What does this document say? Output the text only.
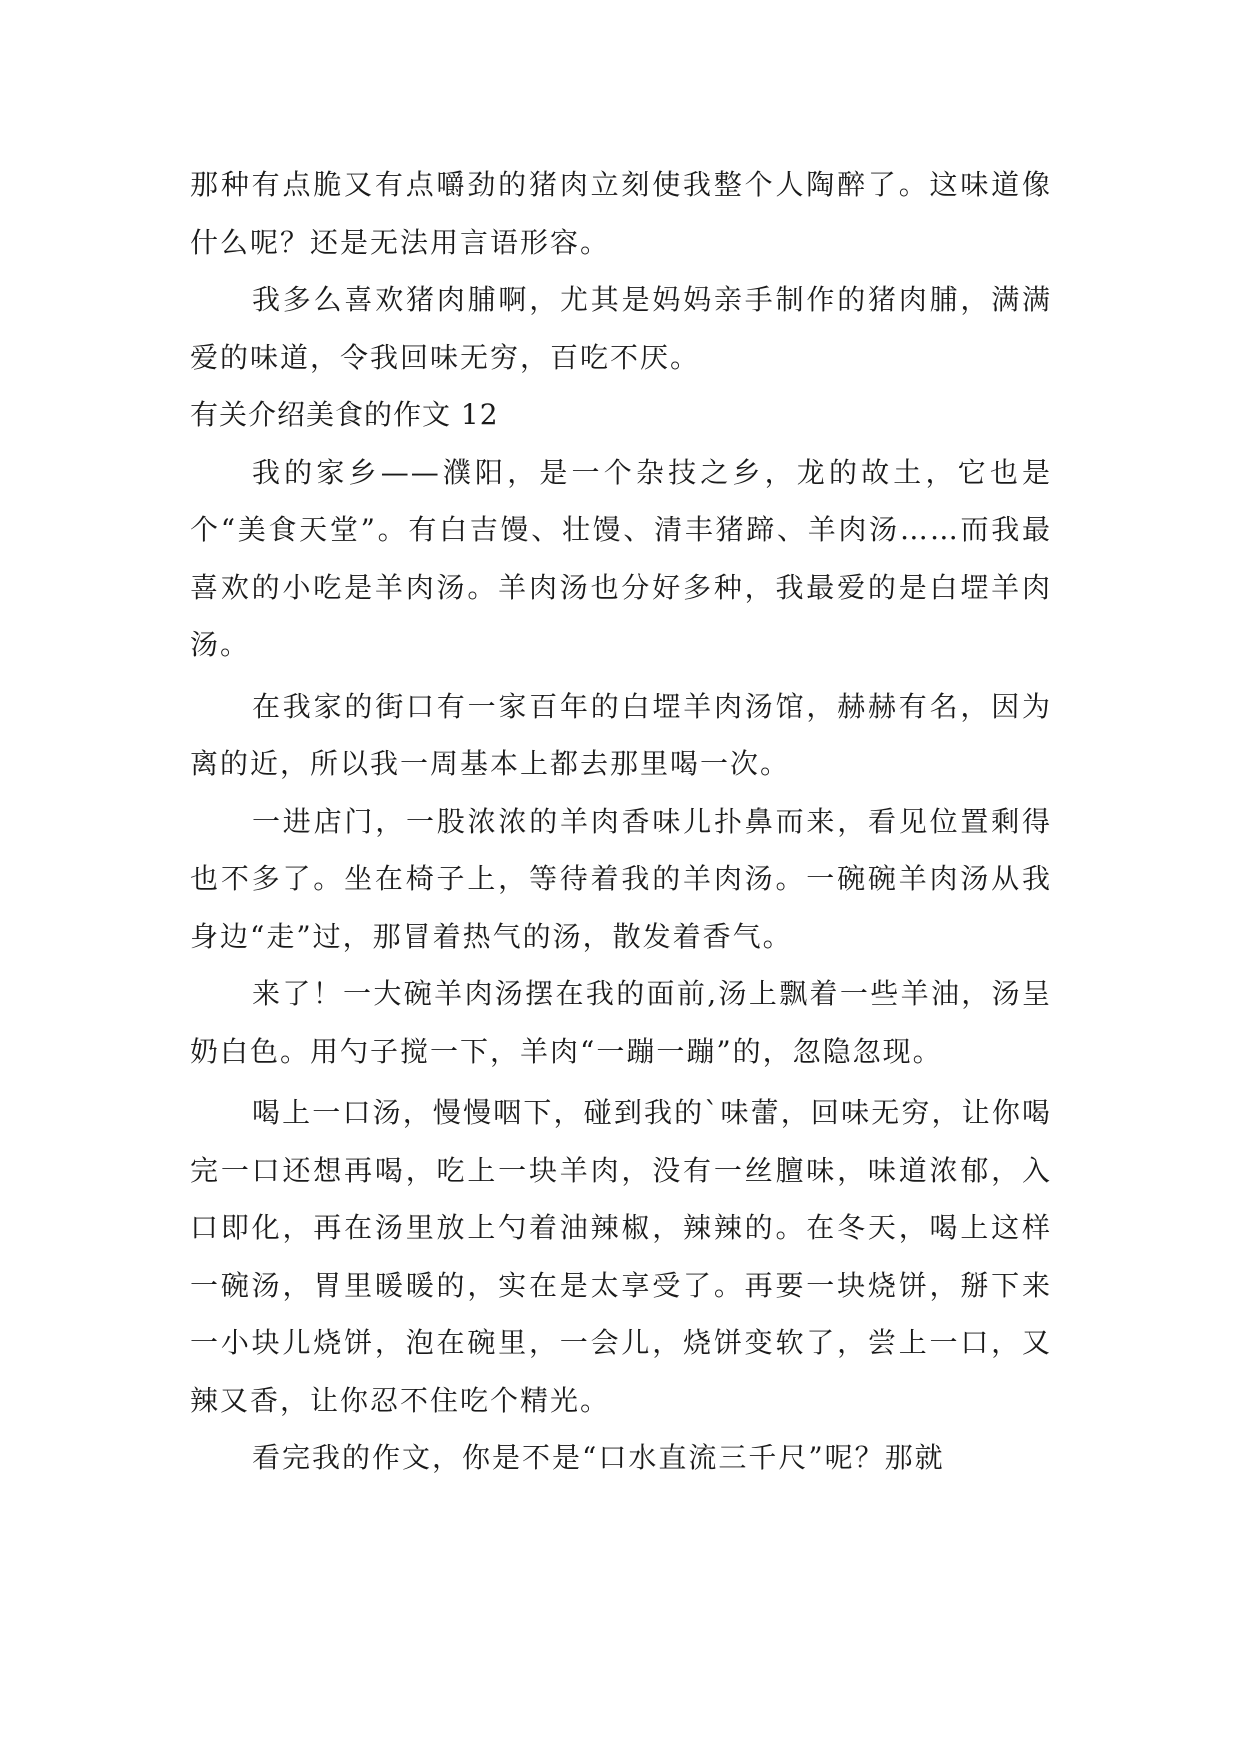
那种有点脆又有点嚼劲的猪肉立刻使我整个人陶醉了。这味道像什么呢？还是无法用言语形容。

我多么喜欢猪肉脯啊，尤其是妈妈亲手制作的猪肉脯，满满爱的味道，令我回味无穷，百吃不厌。

有关介绍美食的作文 12

我的家乡——濮阳，是一个杂技之乡，龙的故土，它也是个“美食天堂”。有白吉馒、壮馒、清丰猪蹄、羊肉汤……而我最喜欢的小吃是羊肉汤。羊肉汤也分好多种，我最爱的是白堽羊肉汤。

在我家的街口有一家百年的白堽羊肉汤馆，赫赫有名，因为离的近，所以我一周基本上都去那里喝一次。

一进店门，一股浓浓的羊肉香味儿扑鼻而来，看见位置剩得也不多了。坐在椅子上，等待着我的羊肉汤。一碗碗羊肉汤从我身边“走”过，那冒着热气的汤，散发着香气。

来了！一大碗羊肉汤摆在我的面前,汤上飘着一些羊油，汤呈奶白色。用勺子搅一下，羊肉“一蹦一蹦”的，忽隐忽现。

喝上一口汤，慢慢咽下，碰到我的`味蕾，回味无穷，让你喝完一口还想再喝，吃上一块羊肉，没有一丝膻味，味道浓郁，入口即化，再在汤里放上勺着油辣椒，辣辣的。在冬天，喝上这样一碗汤，胃里暖暖的，实在是太享受了。再要一块烧饼，掰下来一小块儿烧饼，泡在碗里，一会儿，烧饼变软了，尝上一口，又辣又香，让你忍不住吃个精光。

看完我的作文，你是不是“口水直流三千尺”呢？那就
